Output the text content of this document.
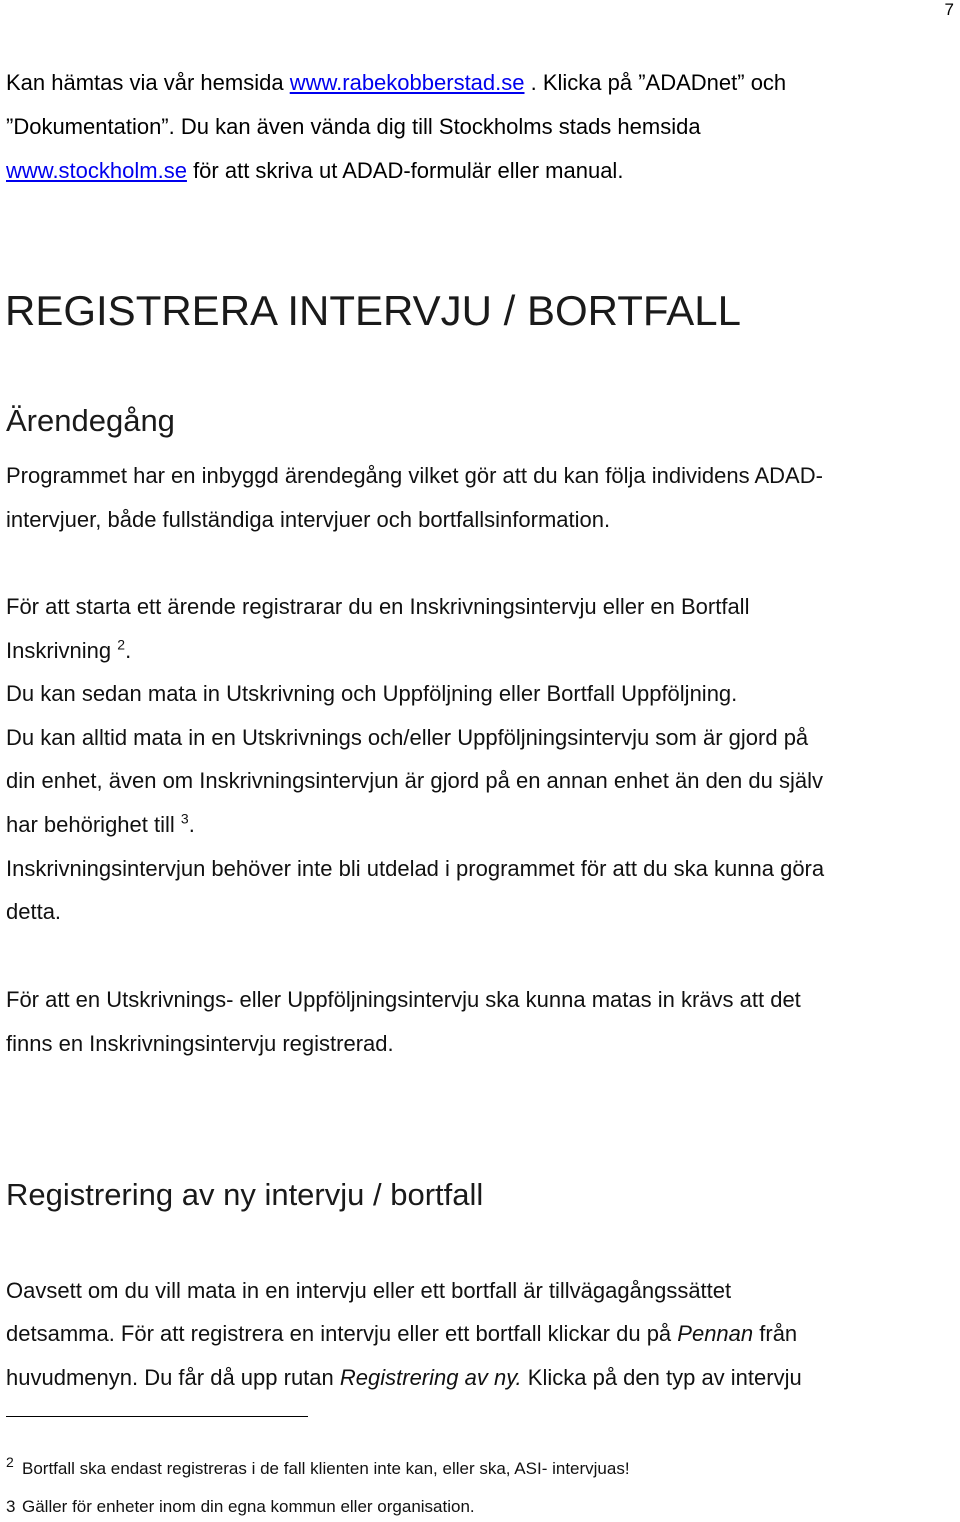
7
Kan hämtas via vår hemsida www.rabekobberstad.se . Klicka på ”ADADnet” och
”Dokumentation”. Du kan även vända dig till Stockholms stads hemsida
www.stockholm.se för att skriva ut ADAD-formulär eller manual.
REGISTRERA INTERVJU / BORTFALL
Ärendegång
Programmet har en inbyggd ärendegång vilket gör att du kan följa individens ADAD-
intervjuer, både fullständiga intervjuer och bortfallsinformation.
För att starta ett ärende registrarar du en Inskrivningsintervju eller en Bortfall
Inskrivning $^2$.
Du kan sedan mata in Utskrivning och Uppföljning eller Bortfall Uppföljning.
Du kan alltid mata in en Utskrivnings och/eller Uppföljningsintervju som är gjord på
din enhet, även om Inskrivningsintervjun är gjord på en annan enhet än den du själv
har behörighet till $^3$.
Inskrivningsintervjun behöver inte bli utdelad i programmet för att du ska kunna göra
detta.
För att en Utskrivnings- eller Uppföljningsintervju ska kunna matas in krävs att det
finns en Inskrivningsintervju registrerad.
Registrering av ny intervju / bortfall
Oavsett om du vill mata in en intervju eller ett bortfall är tillvägagångssättet
detsamma. För att registrera en intervju eller ett bortfall klickar du på Pennan från
huvudmenyn. Du får då upp rutan Registrering av ny. Klicka på den typ av intervju
$^2$ Bortfall ska endast registreras i de fall klienten inte kan, eller ska, ASI- intervjuas!
3 Gäller för enheter inom din egna kommun eller organisation.
